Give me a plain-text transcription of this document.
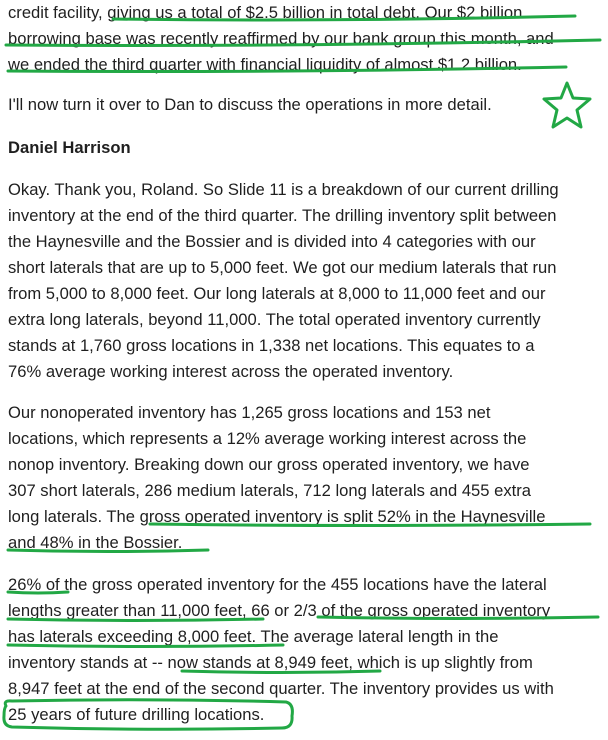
credit facility, giving us a total of $2.5 billion in total debt. Our $2 billion
borrowing base was recently reaffirmed by our bank group this month, and
we ended the third quarter with financial liquidity of almost $1.2 billion.
I'll now turn it over to Dan to discuss the operations in more detail.
Daniel Harrison
Okay. Thank you, Roland. So Slide 11 is a breakdown of our current drilling
inventory at the end of the third quarter. The drilling inventory split between
the Haynesville and the Bossier and is divided into 4 categories with our
short laterals that are up to 5,000 feet. We got our medium laterals that run
from 5,000 to 8,000 feet. Our long laterals at 8,000 to 11,000 feet and our
extra long laterals, beyond 11,000. The total operated inventory currently
stands at 1,760 gross locations in 1,338 net locations. This equates to a
76% average working interest across the operated inventory.
Our nonoperated inventory has 1,265 gross locations and 153 net
locations, which represents a 12% average working interest across the
nonop inventory. Breaking down our gross operated inventory, we have
307 short laterals, 286 medium laterals, 712 long laterals and 455 extra
long laterals. The gross operated inventory is split 52% in the Haynesville
and 48% in the Bossier.
26% of the gross operated inventory for the 455 locations have the lateral
lengths greater than 11,000 feet, 66 or 2/3 of the gross operated inventory
has laterals exceeding 8,000 feet. The average lateral length in the
inventory stands at -- now stands at 8,949 feet, which is up slightly from
8,947 feet at the end of the second quarter. The inventory provides us with
25 years of future drilling locations.
